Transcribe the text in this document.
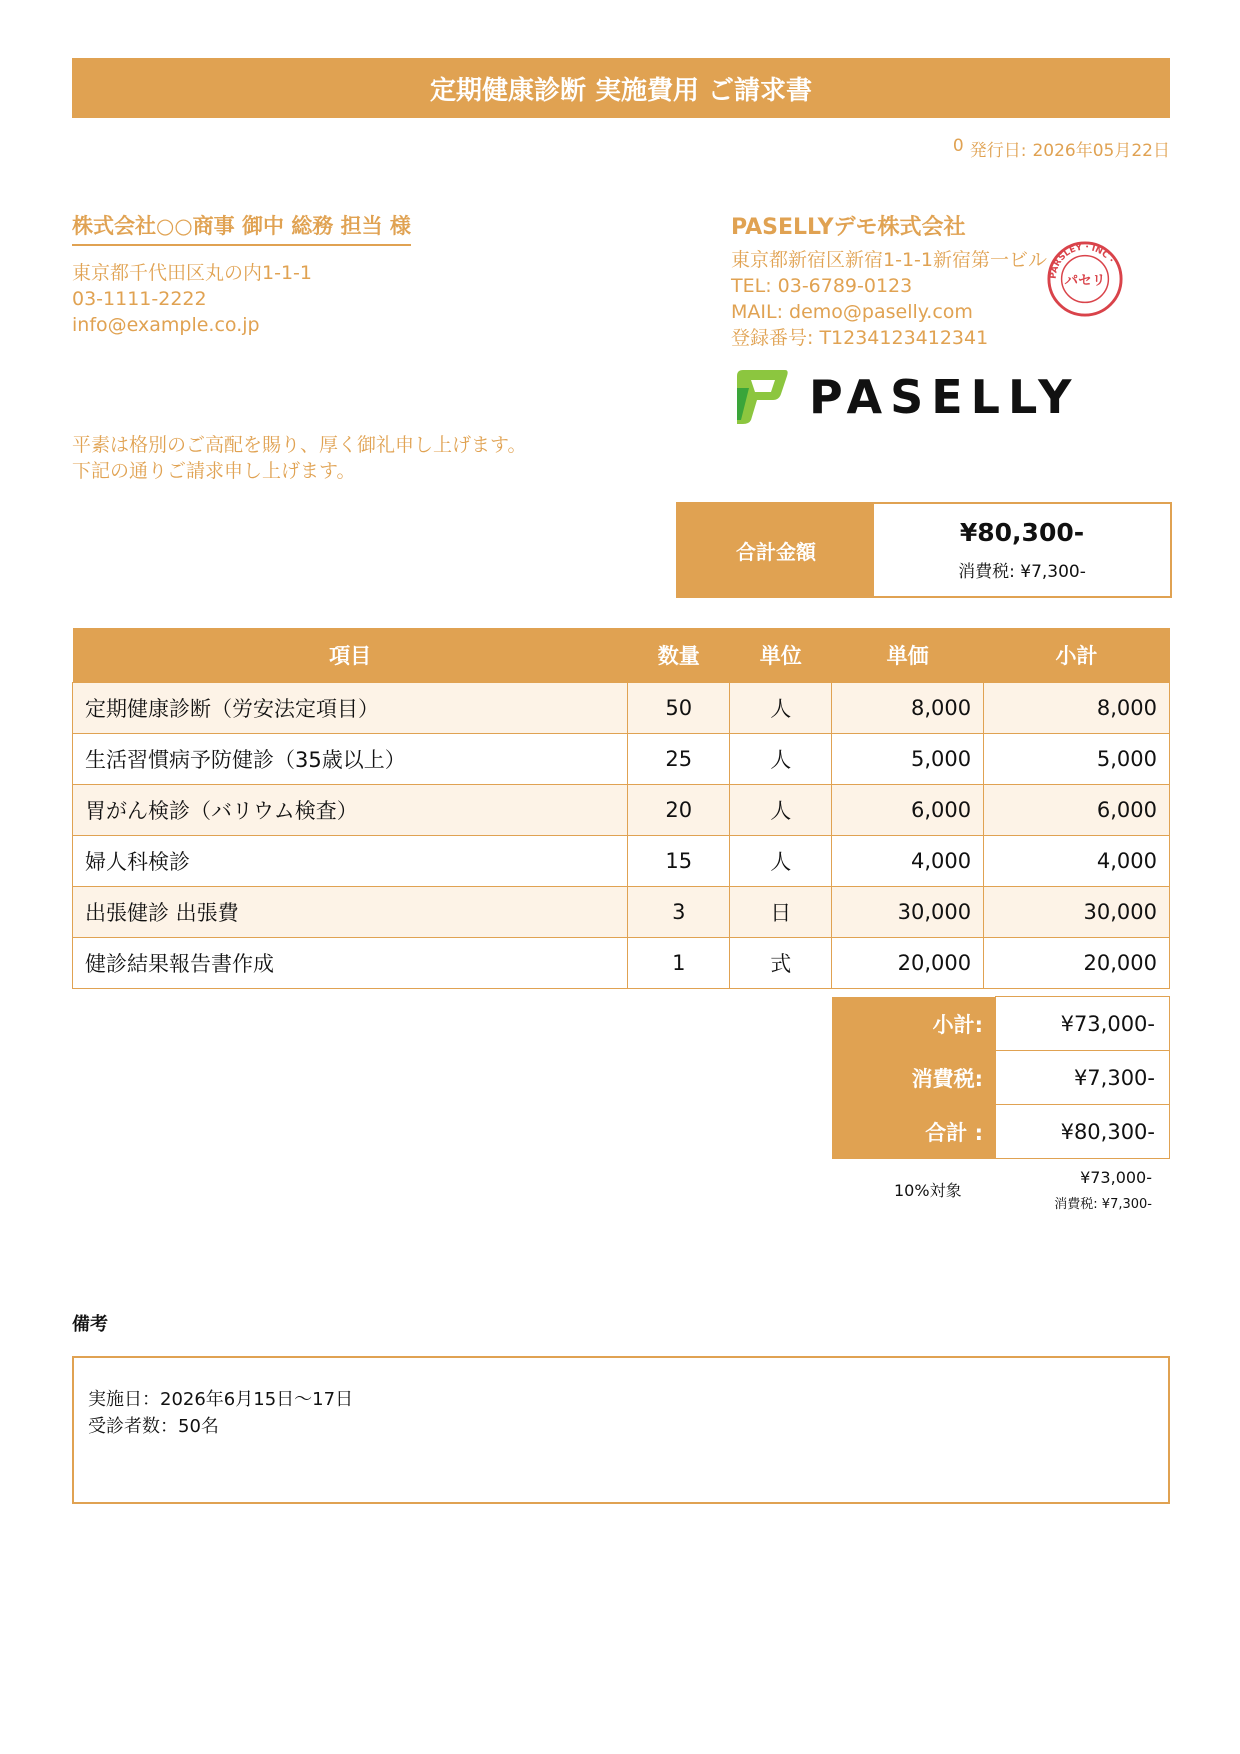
定期健康診断 実施費用 ご請求書
0 発行日: 2026年05月22日
株式会社○○商事 御中 総務 担当 様
東京都千代田区丸の内1-1-1
03-1111-2222
info@example.co.jp
平素は格別のご高配を賜り、厚く御礼申し上げます。
下記の通りご請求申し上げます。
PASELLYデモ株式会社
東京都新宿区新宿1-1-1新宿第一ビル
TEL: 03-6789-0123
MAIL: demo@paselly.com
登録番号: T1234123412341
PARSLEY・INC・
パセリ
PASELLY
合計金額
¥80,300-
消費税: ¥7,300-
項目	数量	単位	単価	小計
定期健康診断（労安法定項目）	50	人	8,000	8,000
生活習慣病予防健診（35歳以上）	25	人	5,000	5,000
胃がん検診（バリウム検査）	20	人	6,000	6,000
婦人科検診	15	人	4,000	4,000
出張健診 出張費	3	日	30,000	30,000
健診結果報告書作成	1	式	20,000	20,000
小計:	¥73,000-
消費税:	¥7,300-
合計 :	¥80,300-
10%対象
¥73,000-
消費税: ¥7,300-
備考
実施日：2026年6月15日〜17日
受診者数：50名
